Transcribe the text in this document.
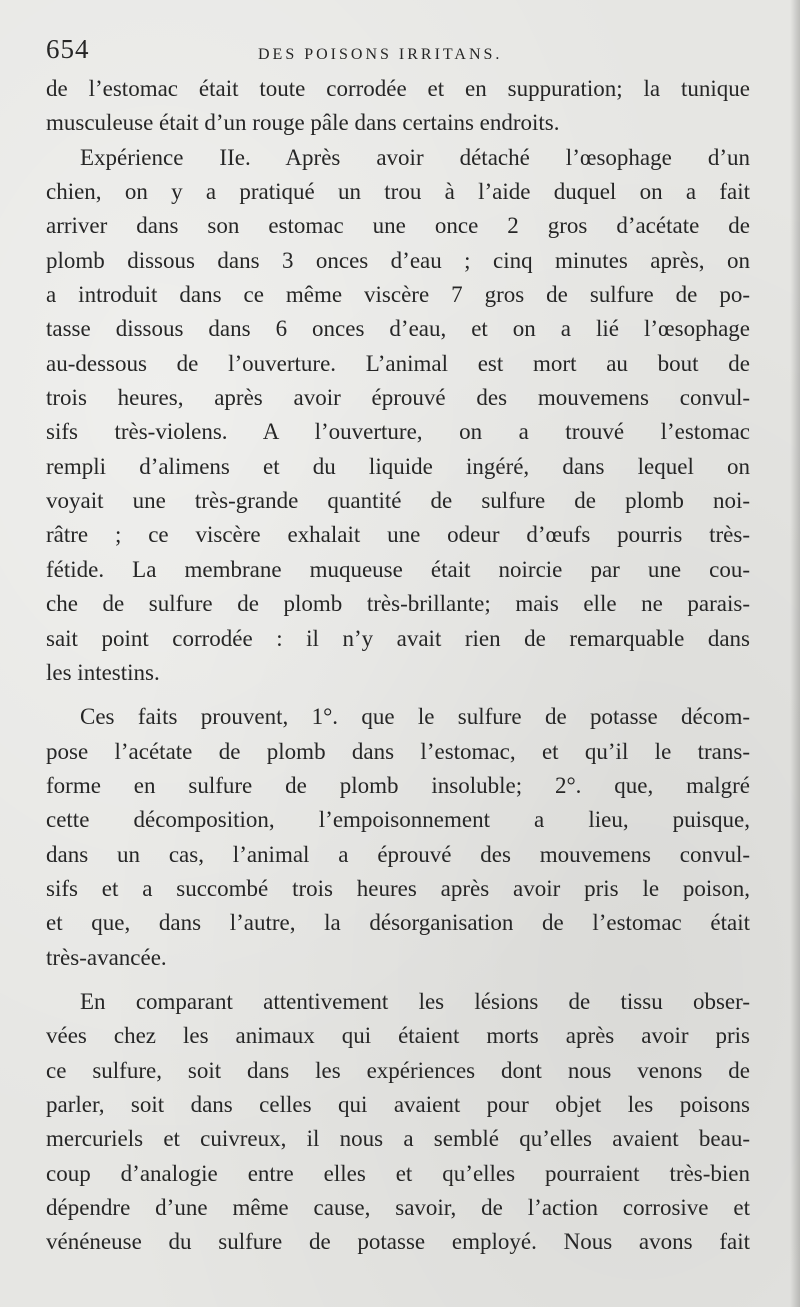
654	DES POISONS IRRITANS.
de l’estomac était toute corrodée et en suppuration; la tunique
musculeuse était d’un rouge pâle dans certains endroits.
Expérience IIe. Après avoir détaché l’œsophage d’un
chien, on y a pratiqué un trou à l’aide duquel on a fait
arriver dans son estomac une once 2 gros d’acétate de
plomb dissous dans 3 onces d’eau ; cinq minutes après, on
a introduit dans ce même viscère 7 gros de sulfure de po-
tasse dissous dans 6 onces d’eau, et on a lié l’œsophage
au-dessous de l’ouverture. L’animal est mort au bout de
trois heures, après avoir éprouvé des mouvemens convul-
sifs très-violens. A l’ouverture, on a trouvé l’estomac
rempli d’alimens et du liquide ingéré, dans lequel on
voyait une très-grande quantité de sulfure de plomb noi-
râtre ; ce viscère exhalait une odeur d’œufs pourris très-
fétide. La membrane muqueuse était noircie par une cou-
che de sulfure de plomb très-brillante; mais elle ne parais-
sait point corrodée : il n’y avait rien de remarquable dans
les intestins.
Ces faits prouvent, 1°. que le sulfure de potasse décom-
pose l’acétate de plomb dans l’estomac, et qu’il le trans-
forme en sulfure de plomb insoluble; 2°. que, malgré
cette décomposition, l’empoisonnement a lieu, puisque,
dans un cas, l’animal a éprouvé des mouvemens convul-
sifs et a succombé trois heures après avoir pris le poison,
et que, dans l’autre, la désorganisation de l’estomac était
très-avancée.
En comparant attentivement les lésions de tissu obser-
vées chez les animaux qui étaient morts après avoir pris
ce sulfure, soit dans les expériences dont nous venons de
parler, soit dans celles qui avaient pour objet les poisons
mercuriels et cuivreux, il nous a semblé qu’elles avaient beau-
coup d’analogie entre elles et qu’elles pourraient très-bien
dépendre d’une même cause, savoir, de l’action corrosive et
vénéneuse du sulfure de potasse employé. Nous avons fait
